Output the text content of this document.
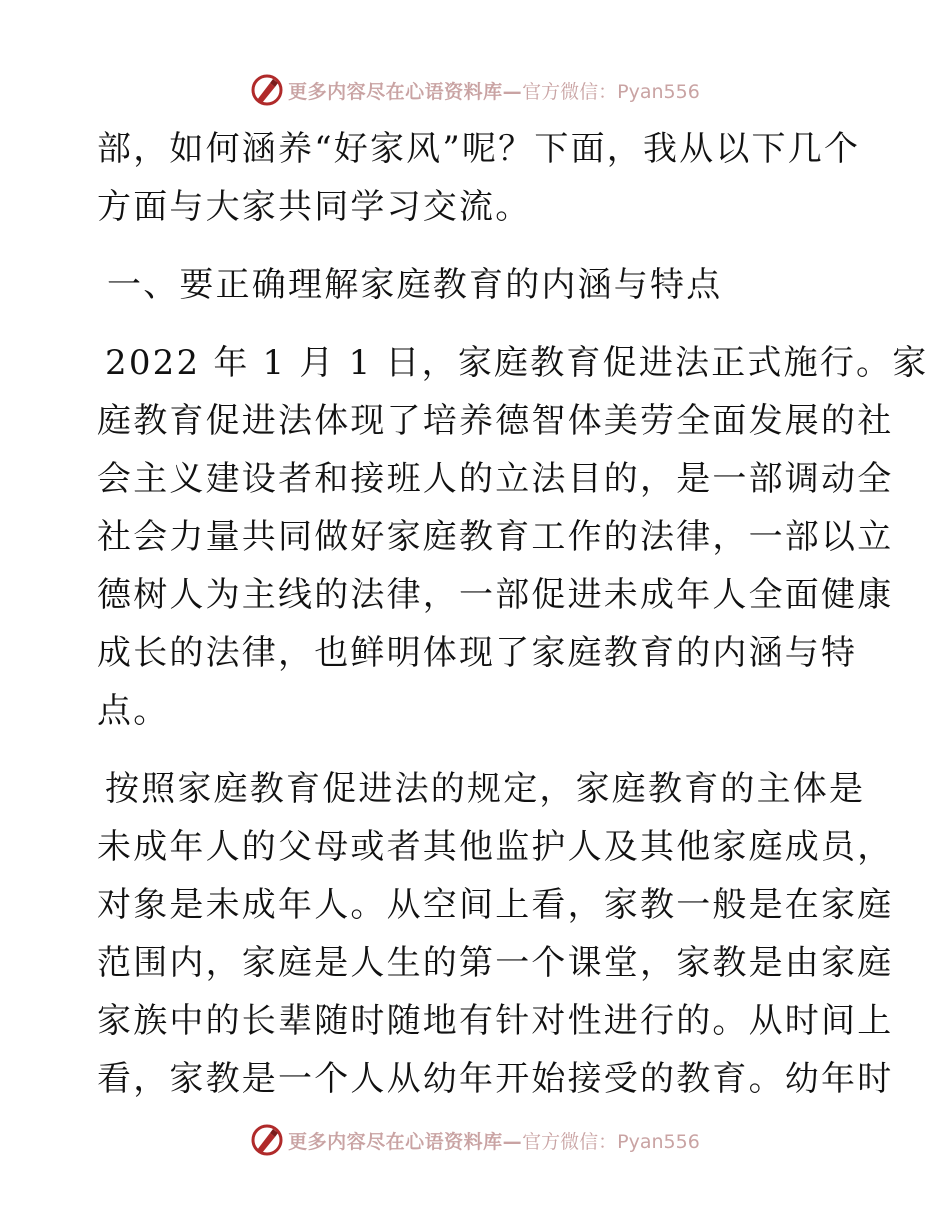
更多内容尽在心语资料库— 官方微信：Pyan556
部，如何涵养“好家风”呢？下面，我从以下几个
方面与大家共同学习交流。
一、要正确理解家庭教育的内涵与特点
2022 年 1 月 1 日，家庭教育促进法正式施行。家
庭教育促进法体现了培养德智体美劳全面发展的社
会主义建设者和接班人的立法目的，是一部调动全
社会力量共同做好家庭教育工作的法律，一部以立
德树人为主线的法律，一部促进未成年人全面健康
成长的法律，也鲜明体现了家庭教育的内涵与特
点。
按照家庭教育促进法的规定，家庭教育的主体是
未成年人的父母或者其他监护人及其他家庭成员，
对象是未成年人。从空间上看，家教一般是在家庭
范围内，家庭是人生的第一个课堂，家教是由家庭
家族中的长辈随时随地有针对性进行的。从时间上
看，家教是一个人从幼年开始接受的教育。幼年时
更多内容尽在心语资料库— 官方微信：Pyan556
